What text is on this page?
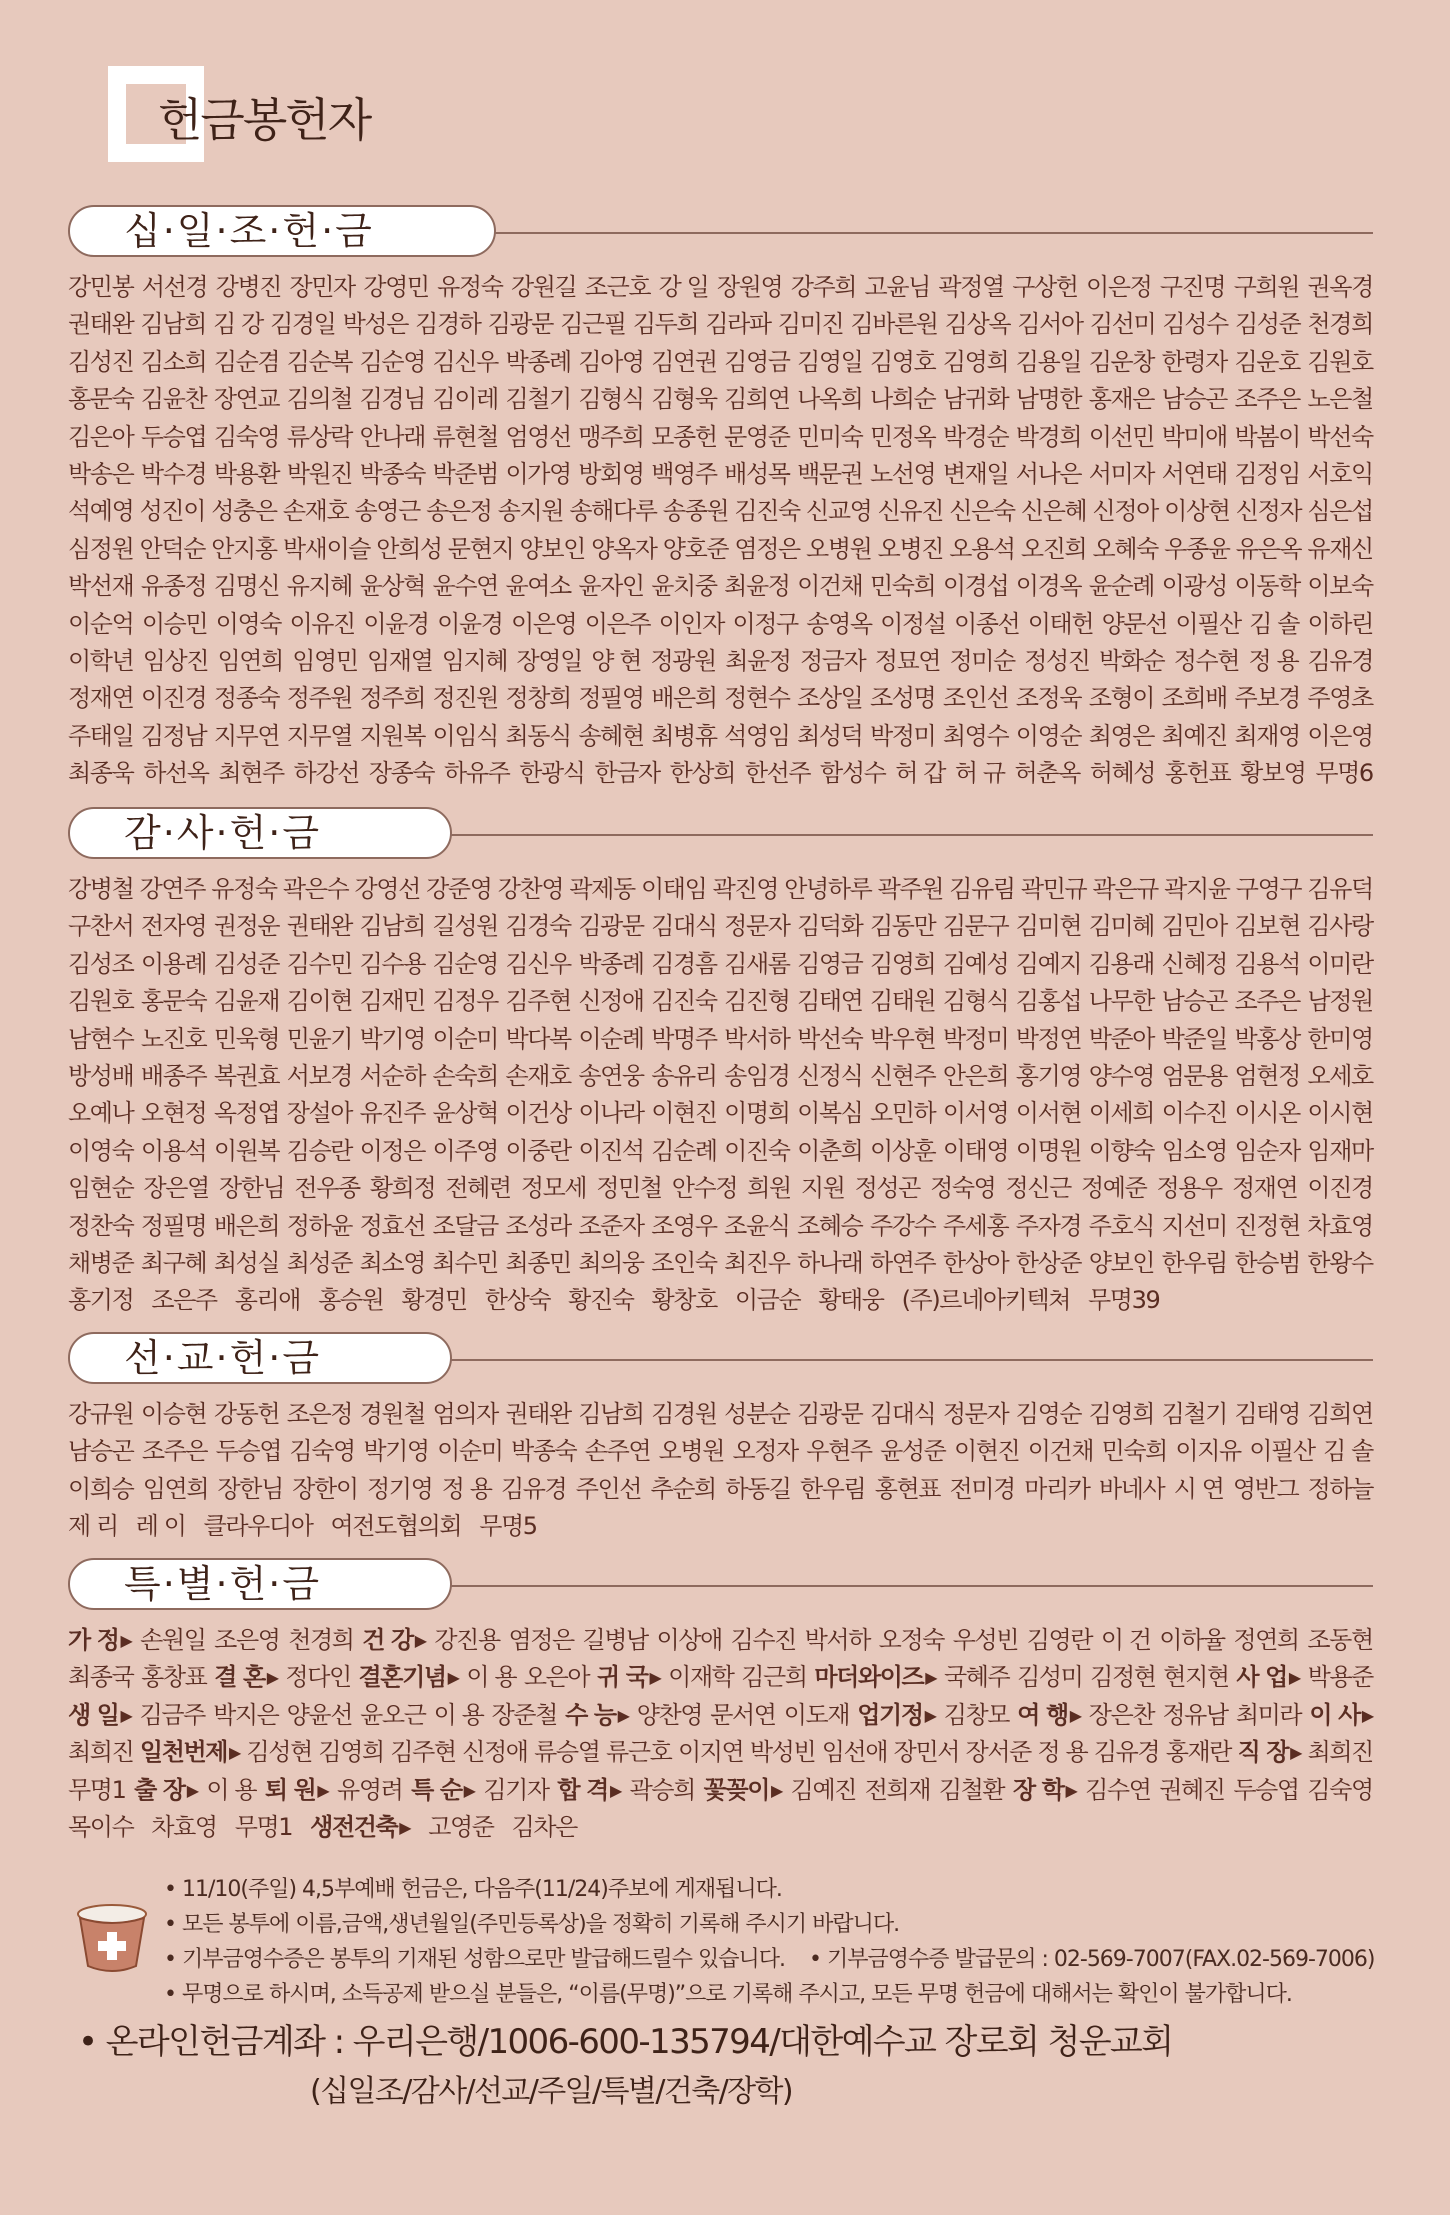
헌금봉헌자
십·일·조·헌·금
강민봉 서선경 강병진 장민자 강영민 유정숙 강원길 조근호 강 일 장원영 강주희 고윤님 곽정열 구상헌 이은정 구진명 구희원 권옥경
권태완 김남희 김 강 김경일 박성은 김경하 김광문 김근필 김두희 김라파 김미진 김바른원 김상옥 김서아 김선미 김성수 김성준 천경희
김성진 김소희 김순겸 김순복 김순영 김신우 박종례 김아영 김연권 김영금 김영일 김영호 김영희 김용일 김운창 한령자 김운호 김원호
홍문숙 김윤찬 장연교 김의철 김경님 김이레 김철기 김형식 김형욱 김희연 나옥희 나희순 남귀화 남명한 홍재은 남승곤 조주은 노은철
김은아 두승엽 김숙영 류상락 안나래 류현철 엄영선 맹주희 모종헌 문영준 민미숙 민정옥 박경순 박경희 이선민 박미애 박봄이 박선숙
박송은 박수경 박용환 박원진 박종숙 박준범 이가영 방회영 백영주 배성목 백문권 노선영 변재일 서나은 서미자 서연태 김정임 서호익
석예영 성진이 성충은 손재호 송영근 송은정 송지원 송해다루 송종원 김진숙 신교영 신유진 신은숙 신은혜 신정아 이상현 신정자 심은섭
심정원 안덕순 안지홍 박새이슬 안희성 문현지 양보인 양옥자 양호준 염정은 오병원 오병진 오용석 오진희 오혜숙 우종윤 유은옥 유재신
박선재 유종정 김명신 유지혜 윤상혁 윤수연 윤여소 윤자인 윤치중 최윤정 이건채 민숙희 이경섭 이경옥 윤순례 이광성 이동학 이보숙
이순억 이승민 이영숙 이유진 이윤경 이윤경 이은영 이은주 이인자 이정구 송영옥 이정설 이종선 이태헌 양문선 이필산 김 솔 이하린
이학년 임상진 임연희 임영민 임재열 임지혜 장영일 양 현 정광원 최윤정 정금자 정묘연 정미순 정성진 박화순 정수현 정 용 김유경
정재연 이진경 정종숙 정주원 정주희 정진원 정창희 정필영 배은희 정현수 조상일 조성명 조인선 조정욱 조형이 조희배 주보경 주영초
주태일 김정남 지무연 지무열 지원복 이임식 최동식 송혜현 최병휴 석영임 최성덕 박정미 최영수 이영순 최영은 최예진 최재영 이은영
최종욱 하선옥 최현주 하강선 장종숙 하유주 한광식 한금자 한상희 한선주 함성수 허 갑 허 규 허춘옥 허혜성 홍헌표 황보영 무명6
감·사·헌·금
강병철 강연주 유정숙 곽은수 강영선 강준영 강찬영 곽제동 이태임 곽진영 안녕하루 곽주원 김유림 곽민규 곽은규 곽지윤 구영구 김유덕
구찬서 전자영 권정운 권태완 김남희 길성원 김경숙 김광문 김대식 정문자 김덕화 김동만 김문구 김미현 김미혜 김민아 김보현 김사랑
김성조 이용례 김성준 김수민 김수용 김순영 김신우 박종례 김경흠 김새롬 김영금 김영희 김예성 김예지 김용래 신혜정 김용석 이미란
김원호 홍문숙 김윤재 김이현 김재민 김정우 김주현 신정애 김진숙 김진형 김태연 김태원 김형식 김홍섭 나무한 남승곤 조주은 남정원
남현수 노진호 민욱형 민윤기 박기영 이순미 박다복 이순례 박명주 박서하 박선숙 박우현 박정미 박정연 박준아 박준일 박홍상 한미영
방성배 배종주 복권효 서보경 서순하 손숙희 손재호 송연웅 송유리 송임경 신정식 신현주 안은희 홍기영 양수영 엄문용 엄현정 오세호
오예나 오현정 옥정엽 장설아 유진주 윤상혁 이건상 이나라 이현진 이명희 이복심 오민하 이서영 이서현 이세희 이수진 이시온 이시현
이영숙 이용석 이원복 김승란 이정은 이주영 이중란 이진석 김순례 이진숙 이춘희 이상훈 이태영 이명원 이향숙 임소영 임순자 임재마
임현순 장은열 장한님 전우종 황희정 전혜련 정모세 정민철 안수정 희원 지원 정성곤 정숙영 정신근 정예준 정용우 정재연 이진경
정찬숙 정필명 배은희 정하윤 정효선 조달금 조성라 조준자 조영우 조윤식 조혜승 주강수 주세홍 주자경 주호식 지선미 진정현 차효영
채병준 최구혜 최성실 최성준 최소영 최수민 최종민 최의웅 조인숙 최진우 하나래 하연주 한상아 한상준 양보인 한우림 한승범 한왕수
홍기정 조은주 홍리애 홍승원 황경민 한상숙 황진숙 황창호 이금순 황태웅 (주)르네아키텍쳐 무명39
선·교·헌·금
강규원 이승현 강동헌 조은정 경원철 엄의자 권태완 김남희 김경원 성분순 김광문 김대식 정문자 김영순 김영희 김철기 김태영 김희연
남승곤 조주은 두승엽 김숙영 박기영 이순미 박종숙 손주연 오병원 오정자 우현주 윤성준 이현진 이건채 민숙희 이지유 이필산 김 솔
이희승 임연희 장한님 장한이 정기영 정 용 김유경 주인선 추순희 하동길 한우림 홍현표 전미경 마리카 바네사 시 연 영반그 정하늘
제 리 레 이 클라우디아 여전도협의회 무명5
특·별·헌·금
가 정 ▶ 손원일 조은영 천경희 건 강 ▶ 강진용 염정은 길병남 이상애 김수진 박서하 오정숙 우성빈 김영란 이 건 이하율 정연희 조동현
최종국 홍창표 결 혼 ▶ 정다인 결혼기념 ▶ 이 용 오은아 귀 국 ▶ 이재학 김근희 마더와이즈 ▶ 국혜주 김성미 김정현 현지현 사 업 ▶ 박용준
생 일 ▶ 김금주 박지은 양윤선 윤오근 이 용 장준철 수 능 ▶ 양찬영 문서연 이도재 업기정 ▶ 김창모 여 행 ▶ 장은찬 정유남 최미라 이 사 ▶
최희진 일천번제 ▶ 김성현 김영희 김주현 신정애 류승열 류근호 이지연 박성빈 임선애 장민서 장서준 정 용 김유경 홍재란 직 장 ▶ 최희진
무명1 출 장 ▶ 이 용 퇴 원 ▶ 유영려 특 순 ▶ 김기자 합 격 ▶ 곽승희 꽃꽂이 ▶ 김예진 전희재 김철환 장 학 ▶ 김수연 권혜진 두승엽 김숙영
목이수 차효영 무명1 생전건축 ▶ 고영준 김차은
• 11/10(주일) 4,5부예배 헌금은, 다음주(11/24)주보에 게재됩니다.
• 모든 봉투에 이름,금액,생년월일(주민등록상)을 정확히 기록해 주시기 바랍니다.
• 기부금영수증은 봉투의 기재된 성함으로만 발급해드릴수 있습니다. • 기부금영수증 발급문의 : 02-569-7007(FAX.02-569-7006)
• 무명으로 하시며, 소득공제 받으실 분들은, “이름(무명)”으로 기록해 주시고, 모든 무명 헌금에 대해서는 확인이 불가합니다.
• 온라인헌금계좌 : 우리은행/1006-600-135794/대한예수교 장로회 청운교회
(십일조/감사/선교/주일/특별/건축/장학)
